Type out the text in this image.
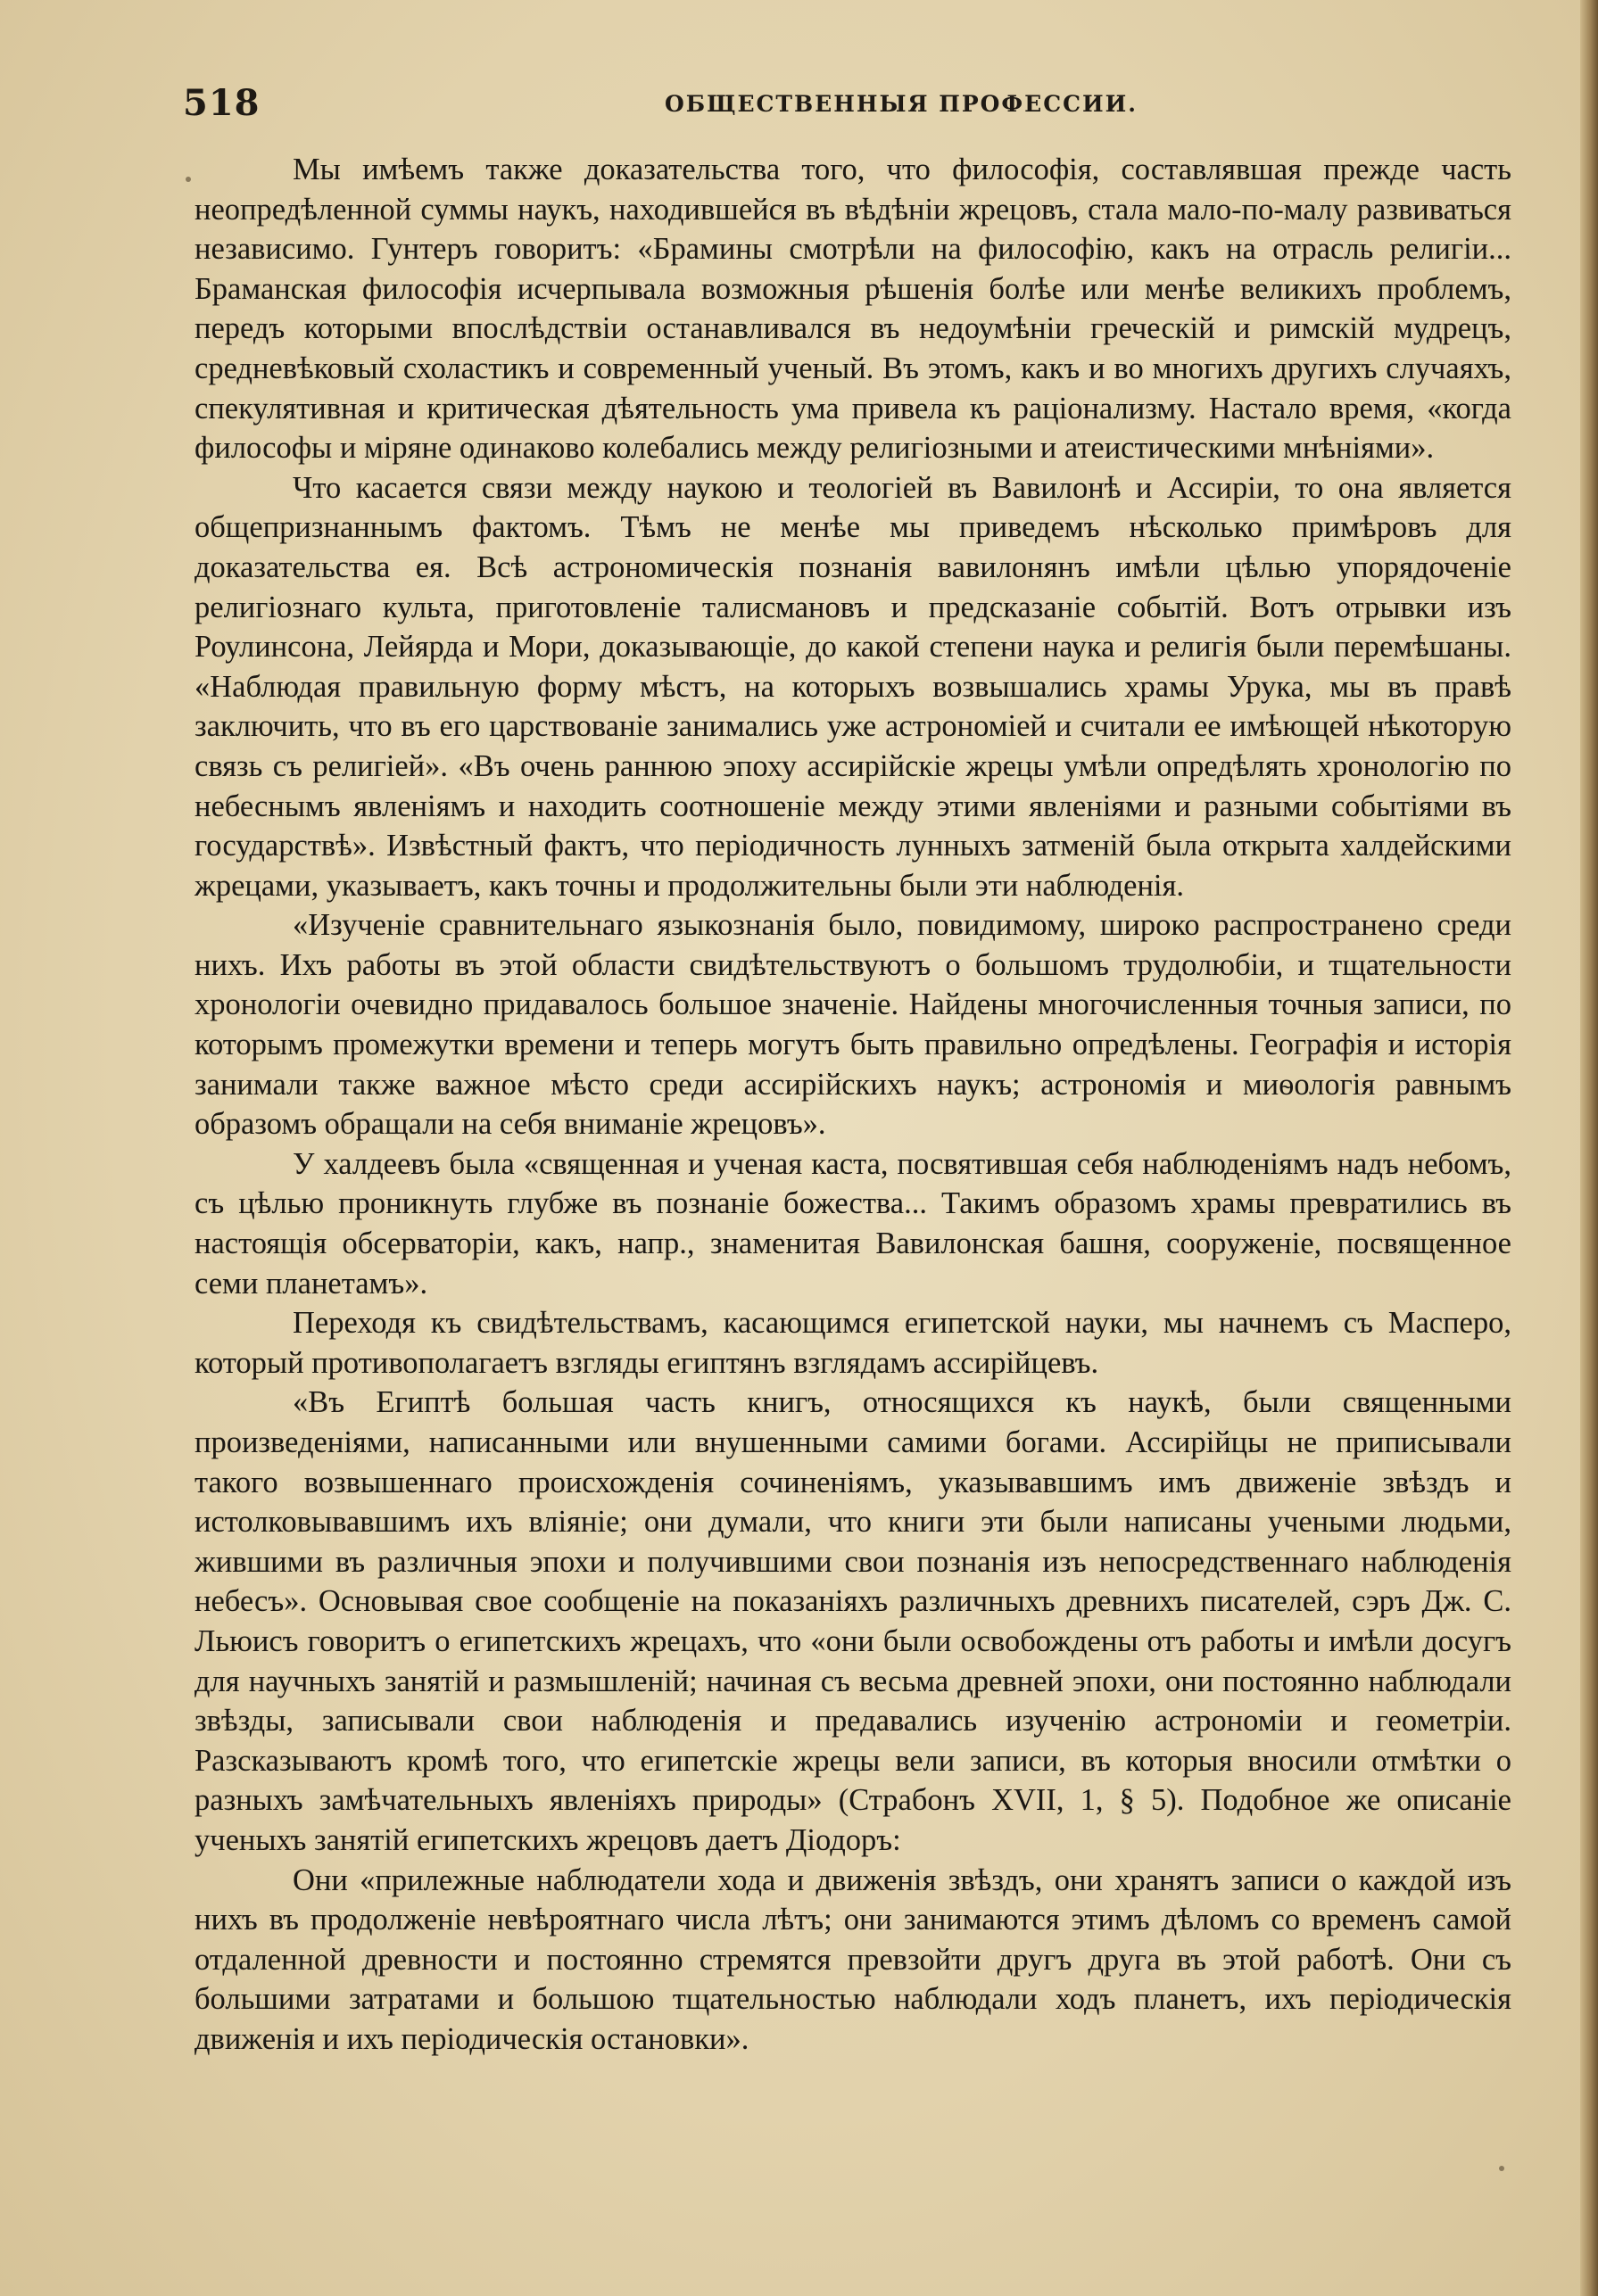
518	ОБЩЕСТВЕННЫЯ ПРОФЕССИИ.

Мы имѣемъ также доказательства того, что философія, составлявшая прежде часть неопредѣленной суммы наукъ, находившейся въ вѣдѣніи жрецовъ, стала мало-по-малу развиваться независимо. Гунтеръ говоритъ: «Брамины смотрѣли на философію, какъ на отрасль религіи... Браманская философія исчерпывала возможныя рѣшенія болѣе или менѣе великихъ проблемъ, передъ которыми впослѣдствіи останавливался въ недоумѣніи греческій и римскій мудрецъ, средневѣковый схоластикъ и современный ученый. Въ этомъ, какъ и во многихъ другихъ случаяхъ, спекулятивная и критическая дѣятельность ума привела къ раціонализму. Настало время, «когда философы и міряне одинаково колебались между религіозными и атеистическими мнѣніями».

Что касается связи между наукою и теологіей въ Вавилонѣ и Ассиріи, то она является общепризнаннымъ фактомъ. Тѣмъ не менѣе мы приведемъ нѣсколько примѣровъ для доказательства ея. Всѣ астрономическія познанія вавилонянъ имѣли цѣлью упорядоченіе религіознаго культа, приготовленіе талисмановъ и предсказаніе событій. Вотъ отрывки изъ Роулинсона, Лейярда и Мори, доказывающіе, до какой степени наука и религія были перемѣшаны. «Наблюдая правильную форму мѣстъ, на которыхъ возвышались храмы Урука, мы въ правѣ заключить, что въ его царствованіе занимались уже астрономіей и считали ее имѣющей нѣкоторую связь съ религіей». «Въ очень раннюю эпоху ассирійскіе жрецы умѣли опредѣлять хронологію по небеснымъ явленіямъ и находить соотношеніе между этими явленіями и разными событіями въ государствѣ». Извѣстный фактъ, что періодичность лунныхъ затменій была открыта халдейскими жрецами, указываетъ, какъ точны и продолжительны были эти наблюденія.

«Изученіе сравнительнаго языкознанія было, повидимому, широко распространено среди нихъ. Ихъ работы въ этой области свидѣтельствуютъ о большомъ трудолюбіи, и тщательности хронологіи очевидно придавалось большое значеніе. Найдены многочисленныя точныя записи, по которымъ промежутки времени и теперь могутъ быть правильно опредѣлены. Географія и исторія занимали также важное мѣсто среди ассирійскихъ наукъ; астрономія и миѳологія равнымъ образомъ обращали на себя вниманіе жрецовъ».

У халдеевъ была «священная и ученая каста, посвятившая себя наблюденіямъ надъ небомъ, съ цѣлью проникнуть глубже въ познаніе божества... Такимъ образомъ храмы превратились въ настоящія обсерваторіи, какъ, напр., знаменитая Вавилонская башня, сооруженіе, посвященное семи планетамъ».

Переходя къ свидѣтельствамъ, касающимся египетской науки, мы начнемъ съ Масперо, который противополагаетъ взгляды египтянъ взглядамъ ассирійцевъ.

«Въ Египтѣ большая часть книгъ, относящихся къ наукѣ, были священными произведеніями, написанными или внушенными самими богами. Ассирійцы не приписывали такого возвышеннаго происхожденія сочиненіямъ, указывавшимъ имъ движеніе звѣздъ и истолковывавшимъ ихъ вліяніе; они думали, что книги эти были написаны учеными людьми, жившими въ различныя эпохи и получившими свои познанія изъ непосредственнаго наблюденія небесъ». Основывая свое сообщеніе на показаніяхъ различныхъ древнихъ писателей, сэръ Дж. С. Льюисъ говоритъ о египетскихъ жрецахъ, что «они были освобождены отъ работы и имѣли досугъ для научныхъ занятій и размышленій; начиная съ весьма древней эпохи, они постоянно наблюдали звѣзды, записывали свои наблюденія и предавались изученію астрономіи и геометріи. Разсказываютъ кромѣ того, что египетскіе жрецы вели записи, въ которыя вносили отмѣтки о разныхъ замѣчательныхъ явленіяхъ природы» (Страбонъ XVII, 1, § 5). Подобное же описаніе ученыхъ занятій египетскихъ жрецовъ даетъ Діодоръ:

Они «прилежные наблюдатели хода и движенія звѣздъ, они хранятъ записи о каждой изъ нихъ въ продолженіе невѣроятнаго числа лѣтъ; они занимаются этимъ дѣломъ со временъ самой отдаленной древности и постоянно стремятся превзойти другъ друга въ этой работѣ. Они съ большими затратами и большою тщательностью наблюдали ходъ планетъ, ихъ періодическія движенія и ихъ періодическія остановки».
